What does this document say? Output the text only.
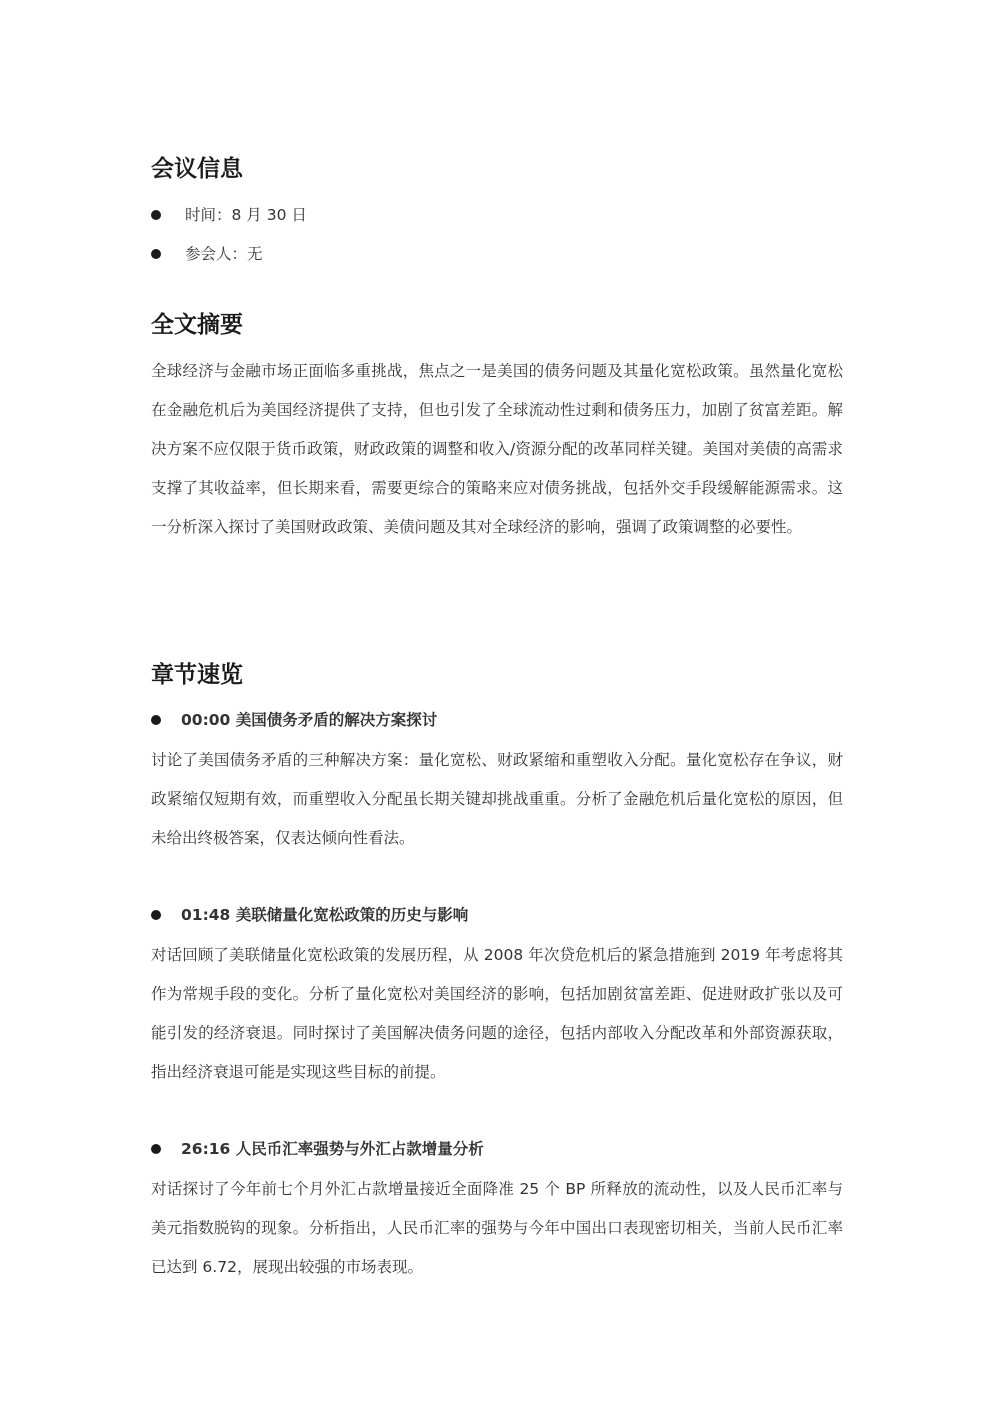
会议信息
时间：8 月 30 日
参会人：无
全文摘要

全球经济与金融市场正面临多重挑战，焦点之一是美国的债务问题及其量化宽松政策。虽然量化宽松在金融危机后为美国经济提供了支持，但也引发了全球流动性过剩和债务压力，加剧了贫富差距。解决方案不应仅限于货币政策，财政政策的调整和收入/资源分配的改革同样关键。美国对美债的高需求支撑了其收益率，但长期来看，需要更综合的策略来应对债务挑战，包括外交手段缓解能源需求。这一分析深入探讨了美国财政政策、美债问题及其对全球经济的影响，强调了政策调整的必要性。

章节速览
00:00 美国债务矛盾的解决方案探讨

讨论了美国债务矛盾的三种解决方案：量化宽松、财政紧缩和重塑收入分配。量化宽松存在争议，财政紧缩仅短期有效，而重塑收入分配虽长期关键却挑战重重。分析了金融危机后量化宽松的原因，但未给出终极答案，仅表达倾向性看法。

01:48 美联储量化宽松政策的历史与影响

对话回顾了美联储量化宽松政策的发展历程，从 2008 年次贷危机后的紧急措施到 2019 年考虑将其作为常规手段的变化。分析了量化宽松对美国经济的影响，包括加剧贫富差距、促进财政扩张以及可能引发的经济衰退。同时探讨了美国解决债务问题的途径，包括内部收入分配改革和外部资源获取，指出经济衰退可能是实现这些目标的前提。

26:16 人民币汇率强势与外汇占款增量分析

对话探讨了今年前七个月外汇占款增量接近全面降准 25 个 BP 所释放的流动性，以及人民币汇率与美元指数脱钩的现象。分析指出，人民币汇率的强势与今年中国出口表现密切相关，当前人民币汇率已达到 6.72，展现出较强的市场表现。
